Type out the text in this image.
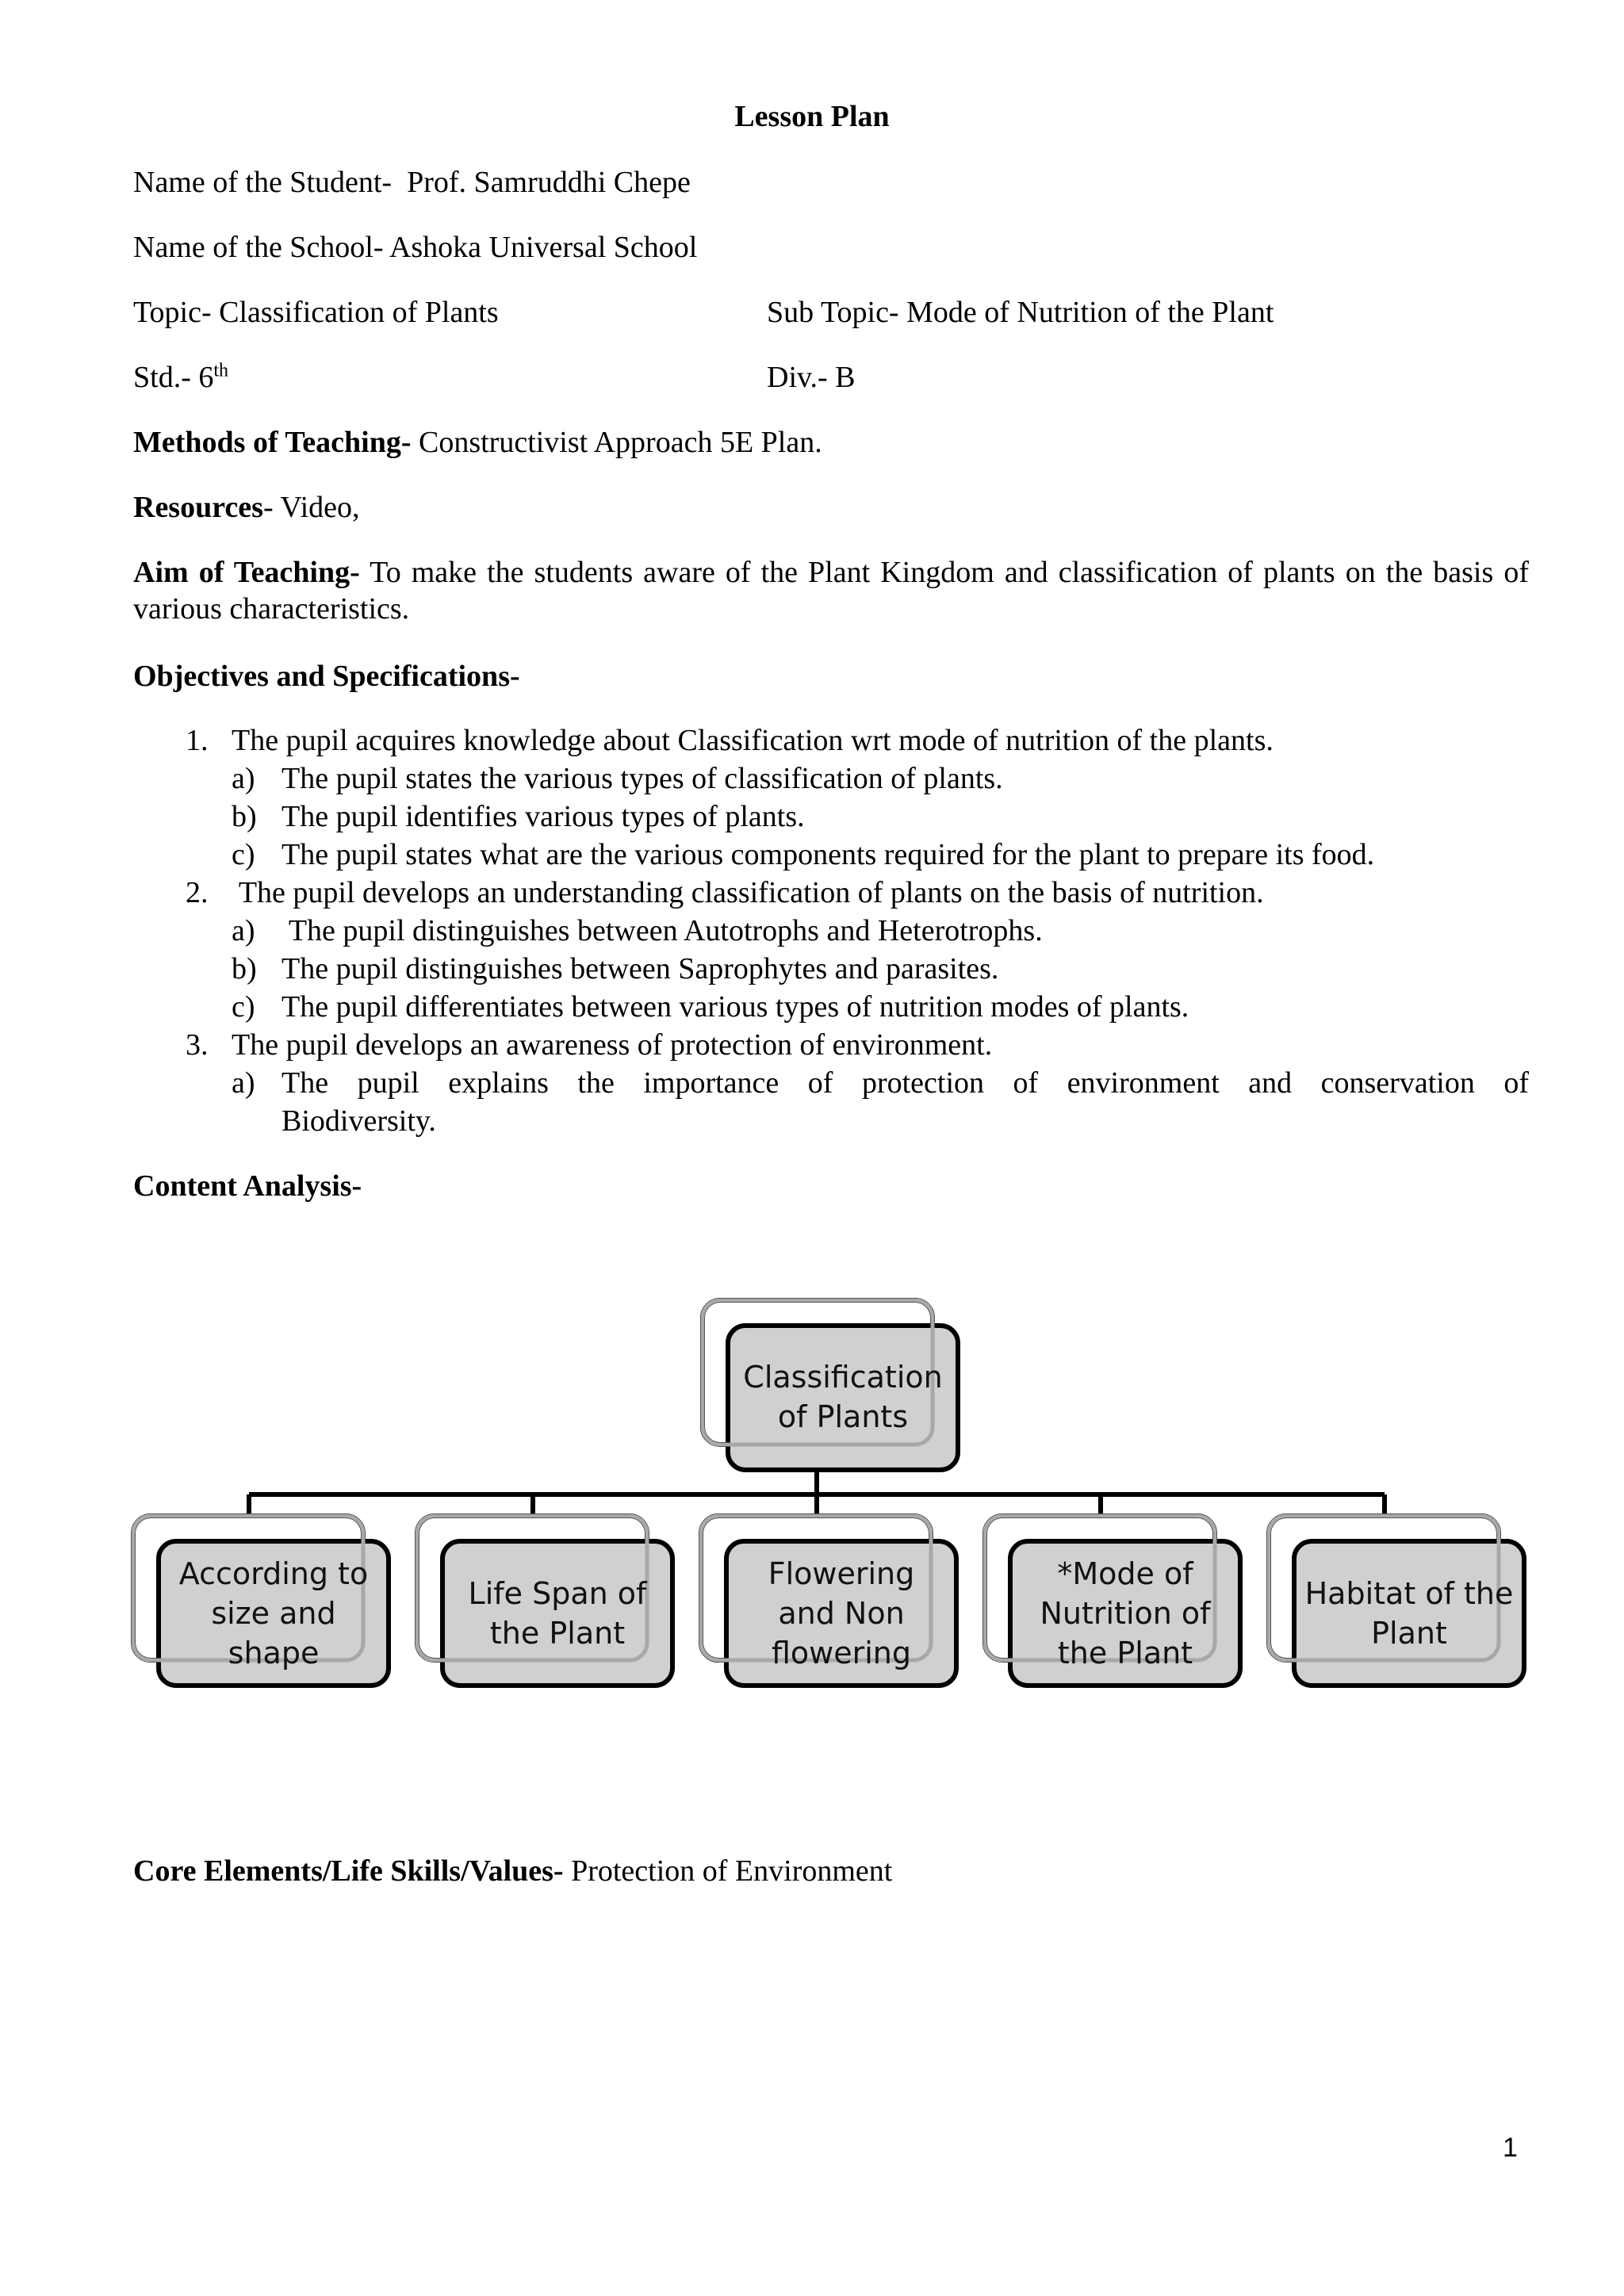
Lesson Plan
Name of the Student- Prof. Samruddhi Chepe
Name of the School- Ashoka Universal School
Topic- Classification of Plants	Sub Topic- Mode of Nutrition of the Plant
Std.- 6th	Div.- B
Methods of Teaching- Constructivist Approach 5E Plan.
Resources- Video,
Aim of Teaching- To make the students aware of the Plant Kingdom and classification of plants on the basis of various characteristics.
Objectives and Specifications-
1. The pupil acquires knowledge about Classification wrt mode of nutrition of the plants.
a) The pupil states the various types of classification of plants.
b) The pupil identifies various types of plants.
c) The pupil states what are the various components required for the plant to prepare its food.
2. The pupil develops an understanding classification of plants on the basis of nutrition.
a) The pupil distinguishes between Autotrophs and Heterotrophs.
b) The pupil distinguishes between Saprophytes and parasites.
c) The pupil differentiates between various types of nutrition modes of plants.
3. The pupil develops an awareness of protection of environment.
a) The pupil explains the importance of protection of environment and conservation of
Biodiversity.
Content Analysis-
Classification
of Plants
According to
size and
shape
Life Span of
the Plant
Flowering
and Non
flowering
*Mode of
Nutrition of
the Plant
Habitat of the
Plant
Core Elements/Life Skills/Values- Protection of Environment
1
